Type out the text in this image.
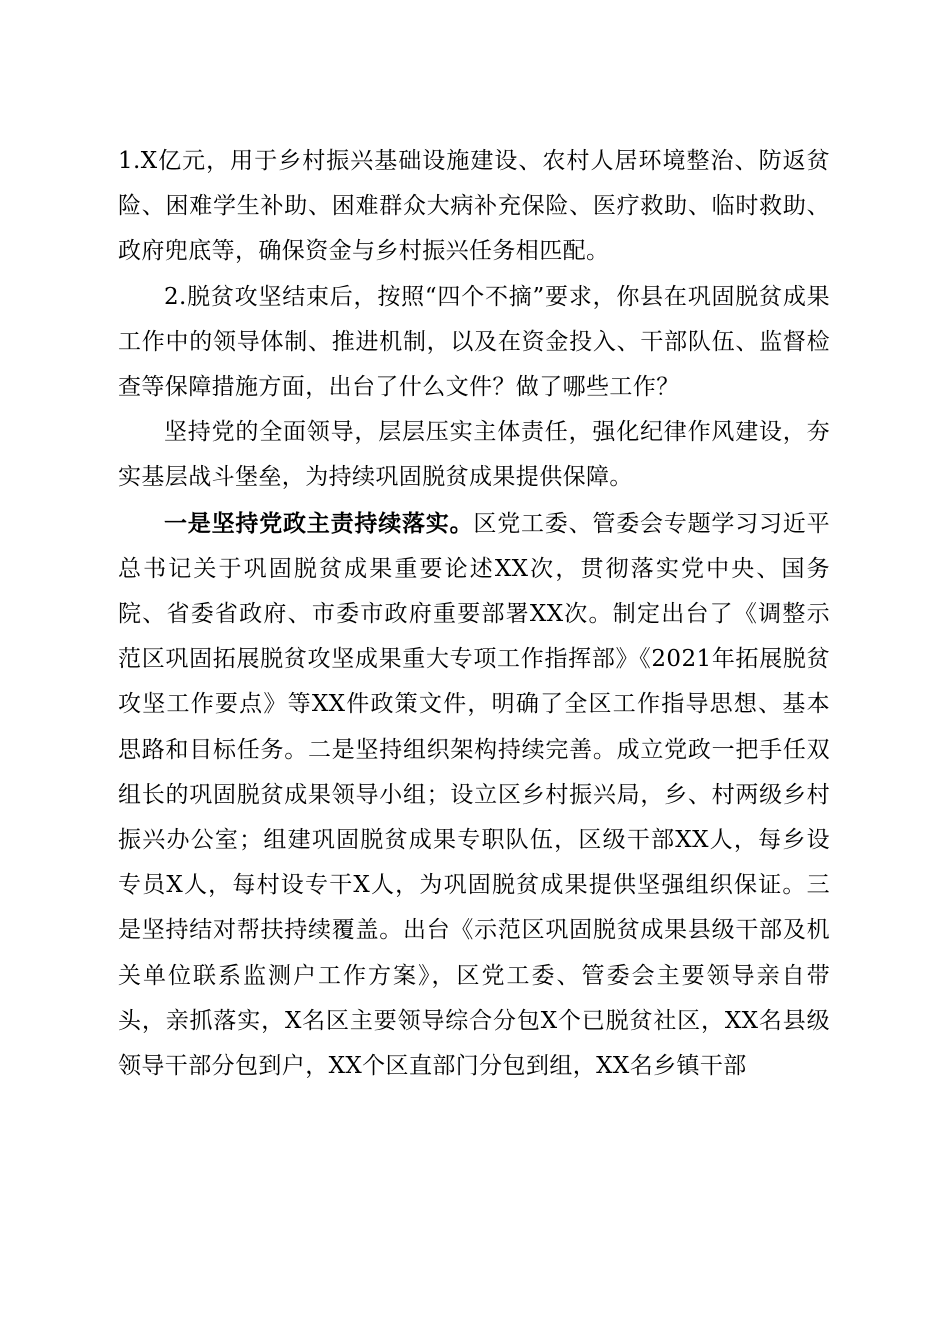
1.X亿元，用于乡村振兴基础设施建设、农村人居环境整治、防返贫险、困难学生补助、困难群众大病补充保险、医疗救助、临时救助、政府兜底等，确保资金与乡村振兴任务相匹配。

2.脱贫攻坚结束后，按照“四个不摘”要求，你县在巩固脱贫成果工作中的领导体制、推进机制，以及在资金投入、干部队伍、监督检查等保障措施方面，出台了什么文件？做了哪些工作？

坚持党的全面领导，层层压实主体责任，强化纪律作风建设，夯实基层战斗堡垒，为持续巩固脱贫成果提供保障。

一是坚持党政主责持续落实。区党工委、管委会专题学习习近平总书记关于巩固脱贫成果重要论述XX次，贯彻落实党中央、国务院、省委省政府、市委市政府重要部署XX次。制定出台了《调整示范区巩固拓展脱贫攻坚成果重大专项工作指挥部》《2021年拓展脱贫攻坚工作要点》等XX件政策文件，明确了全区工作指导思想、基本思路和目标任务。二是坚持组织架构持续完善。成立党政一把手任双组长的巩固脱贫成果领导小组；设立区乡村振兴局，乡、村两级乡村振兴办公室；组建巩固脱贫成果专职队伍，区级干部XX人，每乡设专员X人，每村设专干X人，为巩固脱贫成果提供坚强组织保证。三是坚持结对帮扶持续覆盖。出台《示范区巩固脱贫成果县级干部及机关单位联系监测户工作方案》，区党工委、管委会主要领导亲自带头，亲抓落实，X名区主要领导综合分包X个已脱贫社区，XX名县级领导干部分包到户，XX个区直部门分包到组，XX名乡镇干部
